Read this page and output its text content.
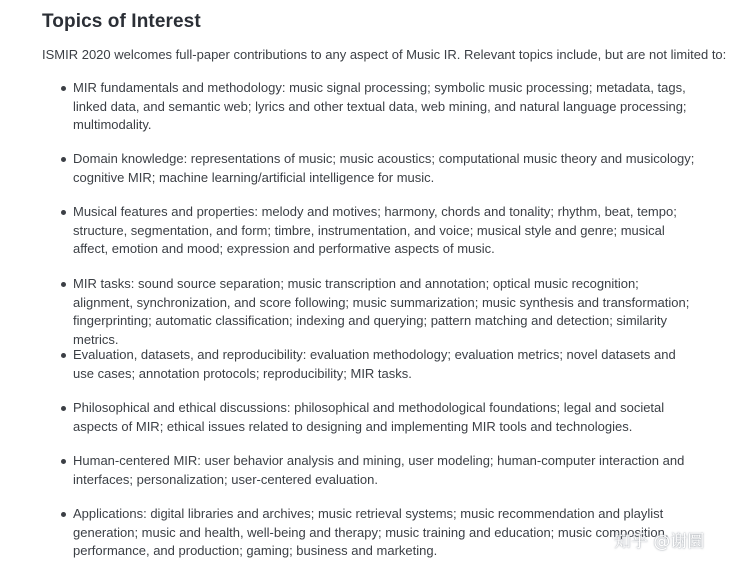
Topics of Interest

ISMIR 2020 welcomes full-paper contributions to any aspect of Music IR. Relevant topics include, but are not limited to:

MIR fundamentals and methodology: music signal processing; symbolic music processing; metadata, tags, linked data, and semantic web; lyrics and other textual data, web mining, and natural language processing; multimodality.
Domain knowledge: representations of music; music acoustics; computational music theory and musicology; cognitive MIR; machine learning/artificial intelligence for music.
Musical features and properties: melody and motives; harmony, chords and tonality; rhythm, beat, tempo; structure, segmentation, and form; timbre, instrumentation, and voice; musical style and genre; musical affect, emotion and mood; expression and performative aspects of music.
MIR tasks: sound source separation; music transcription and annotation; optical music recognition; alignment, synchronization, and score following; music summarization; music synthesis and transformation; fingerprinting; automatic classification; indexing and querying; pattern matching and detection; similarity metrics.
Evaluation, datasets, and reproducibility: evaluation methodology; evaluation metrics; novel datasets and use cases; annotation protocols; reproducibility; MIR tasks.
Philosophical and ethical discussions: philosophical and methodological foundations; legal and societal aspects of MIR; ethical issues related to designing and implementing MIR tools and technologies.
Human-centered MIR: user behavior analysis and mining, user modeling; human-computer interaction and interfaces; personalization; user-centered evaluation.
Applications: digital libraries and archives; music retrieval systems; music recommendation and playlist generation; music and health, well-being and therapy; music training and education; music composition, performance, and production; gaming; business and marketing.	知乎 @谢圜
